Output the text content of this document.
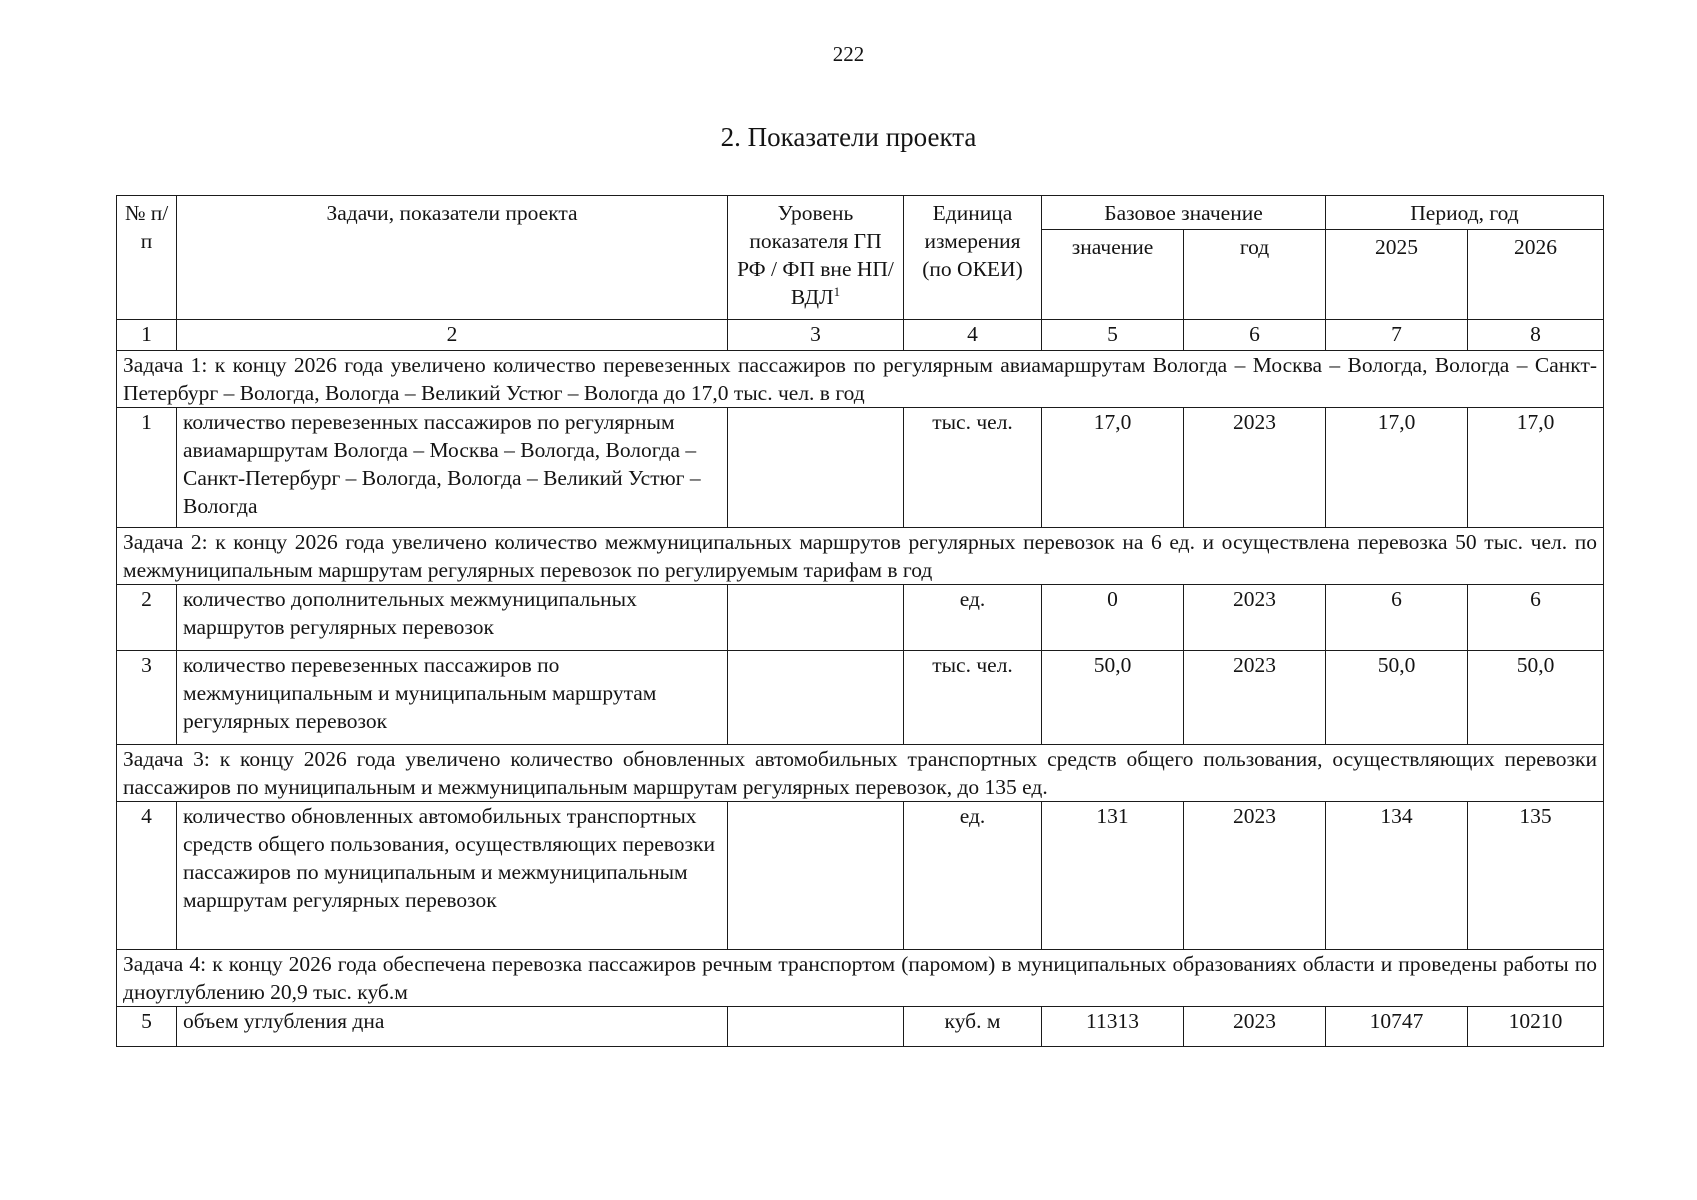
222
2. Показатели проекта
№ п/п	Задачи, показатели проекта	Уровень показателя ГП РФ / ФП вне НП/ВДЛ$^1$	Единица измерения (по ОКЕИ)	Базовое значение		Период, год	
				значение	год	2025	2026
1	2	3	4	5	6	7	8
Задача 1: к концу 2026 года увеличено количество перевезенных пассажиров по регулярным авиамаршрутам Вологда – Москва – Вологда, Вологда – Санкт-Петербург – Вологда, Вологда – Великий Устюг – Вологда до 17,0 тыс. чел. в год							
1	количество перевезенных пассажиров по регулярным авиамаршрутам Вологда – Москва – Вологда, Вологда – Санкт-Петербург – Вологда, Вологда – Великий Устюг – Вологда		тыс. чел.	17,0	2023	17,0	17,0
Задача 2: к концу 2026 года увеличено количество межмуниципальных маршрутов регулярных перевозок на 6 ед. и осуществлена перевозка 50 тыс. чел. по межмуниципальным маршрутам регулярных перевозок по регулируемым тарифам в год							
2	количество дополнительных межмуниципальных маршрутов регулярных перевозок		ед.	0	2023	6	6
3	количество перевезенных пассажиров по межмуниципальным и муниципальным маршрутам регулярных перевозок		тыс. чел.	50,0	2023	50,0	50,0
Задача 3: к концу 2026 года увеличено количество обновленных автомобильных транспортных средств общего пользования, осуществляющих перевозки пассажиров по муниципальным и межмуниципальным маршрутам регулярных перевозок, до 135 ед.							
4	количество обновленных автомобильных транспортных средств общего пользования, осуществляющих перевозки пассажиров по муниципальным и межмуниципальным маршрутам регулярных перевозок		ед.	131	2023	134	135
Задача 4: к концу 2026 года обеспечена перевозка пассажиров речным транспортом (паромом) в муниципальных образованиях области и проведены работы по дноуглублению 20,9 тыс. куб.м							
5	объем углубления дна		куб. м	11313	2023	10747	10210
